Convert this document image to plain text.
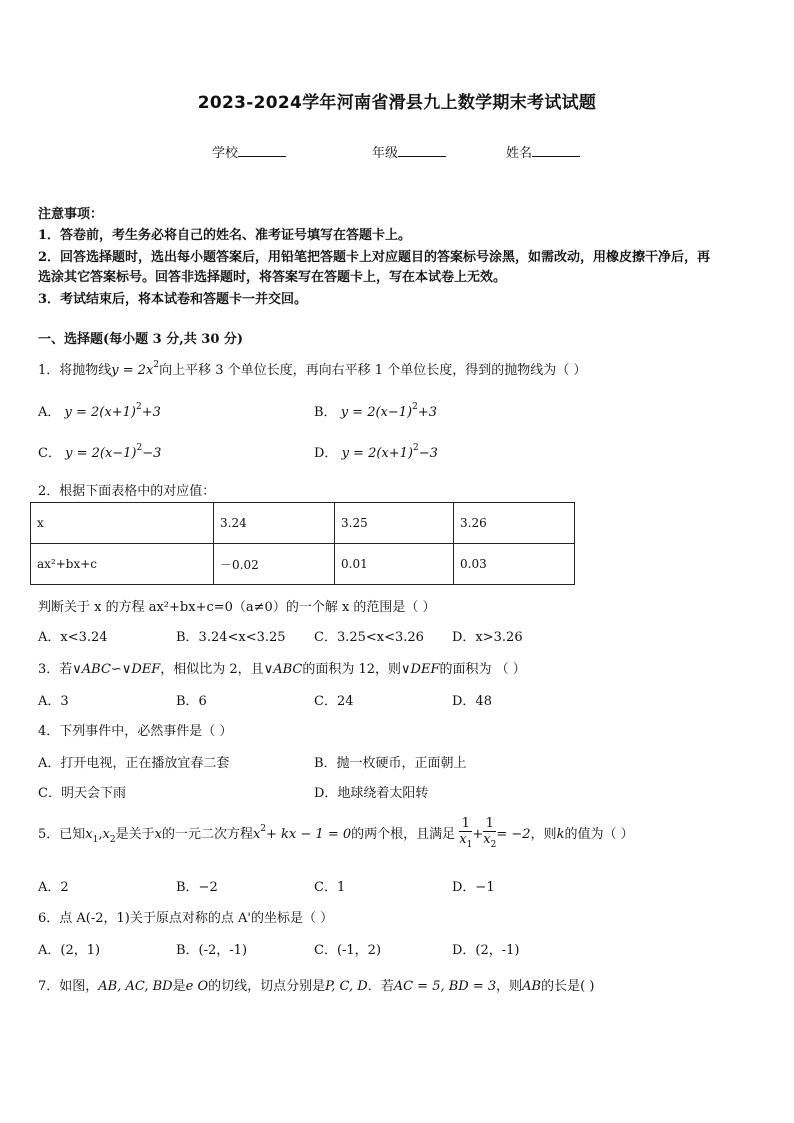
2023-2024学年河南省滑县九上数学期末考试试题
学校	年级	姓名
注意事项：
1．答卷前，考生务必将自己的姓名、准考证号填写在答题卡上。
2．回答选择题时，选出每小题答案后，用铅笔把答题卡上对应题目的答案标号涂黑，如需改动，用橡皮擦干净后，再
选涂其它答案标号。回答非选择题时，将答案写在答题卡上，写在本试卷上无效。
3．考试结束后，将本试卷和答题卡一并交回。
一、选择题(每小题 3 分,共 30 分)
1．将抛物线$y = 2x^2$向上平移 3 个单位长度，再向右平移 1 个单位长度，得到的抛物线为（ ）
A． $y = 2(x+1)^2+3$	B． $y = 2(x-1)^2+3$
C． $y = 2(x-1)^2-3$	D． $y = 2(x+1)^2-3$
2．根据下面表格中的对应值：
x	3.24	3.25	3.26
ax²+bx+c	－0.02	0.01	0.03
判断关于 x 的方程 ax²+bx+c=0（a≠0）的一个解 x 的范围是（ ）
A．x<3.24	B．3.24<x<3.25 C．3.25<x<3.26 D．x>3.26
3．若∨ABC∽∨DEF，相似比为 2，且∨ABC的面积为 12，则∨DEF的面积为 （ ）
A．3	B．6	C．24	D．48
4．下列事件中，必然事件是（ ）
A．打开电视，正在播放宜春二套	B．抛一枚硬币，正面朝上
C．明天会下雨	D．地球绕着太阳转
5．已知$x_1,x_2$是关于x的一元二次方程$x^2+$ kx − 1 = 0的两个根，且满足 $\frac{1}{x_1} + \frac{1}{x_2} = -2$，则k的值为（ ）
A．2	B．−2	C．1	D．−1
6．点 A(-2，1)关于原点对称的点 A'的坐标是（ ）
A．(2，1)	B．(-2，-1)	C．(-1，2)	D．(2，-1)
7．如图，AB, AC, BD是e O的切线，切点分别是P, C, D．若AC = 5, BD = 3，则AB的长是( )
